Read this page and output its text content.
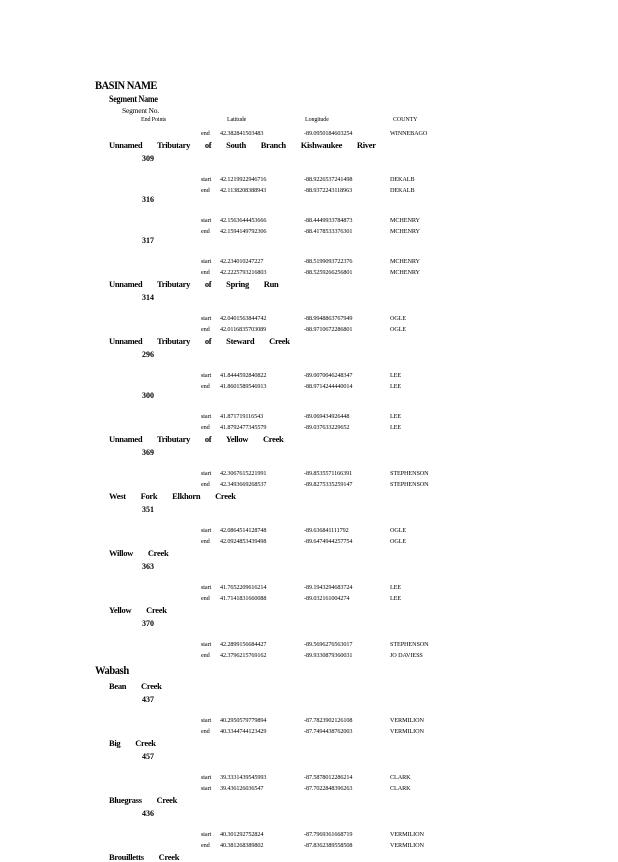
BASIN NAME
Segment Name
Segment No.
End Points	Latitude	Longitude	COUNTY
end 42.382841503483	-89.0950184603254	WINNEBAGO
Unnamed Tributary of South Branch Kishwaukee River
309
start 42.1219922946716	-88.9226537241498	DEKALB
end 42.1138208388943	-88.9372243118963	DEKALB
316
start 42.1563644453666	-88.4449933784873	MCHENRY
end 42.1594149792306	-88.4178533376301	MCHENRY
317
start 42.234010247227	-88.5199093722376	MCHENRY
end 42.2225793216803	-88.5259266256801	MCHENRY
Unnamed Tributary of Spring Run
314
start 42.0401563844742	-88.9948863767949	OGLE
end 42.0116835703089	-88.9710672286801	OGLE
Unnamed Tributary of Steward Creek
296
start 41.8444592840822	-89.0070046248347	LEE
end 41.8601589546913	-88.9714244440014	LEE
300
start 41.871719116543	-89.069434926448	LEE
end 41.8792477345579	-89.037633229652	LEE
Unnamed Tributary of Yellow Creek
369
start 42.3067615221991	-89.8535571166391	STEPHENSON
end 42.3493669268537	-89.8275335259147	STEPHENSON
West Fork Elkhorn Creek
351
start 42.0864514128748	-89.636841111792	OGLE
end 42.0924853439498	-89.6474944257754	OGLE
Willow Creek
363
start 41.7652209616214	-89.1943294683724	LEE
end 41.7141831660088	-89.032161004274	LEE
Yellow Creek
370
start 42.2899156684427	-89.5696276563017	STEPHENSON
end 42.3796215769162	-89.9330879360031	JO DAVIESS
Wabash
Bean Creek
437
start 40.2950579779894	-87.7823902126108	VERMILION
end 40.3344744123429	-87.7494438762003	VERMILION
Big Creek
457
start 39.3331439545993	-87.5878012286214	CLARK
start 39.436126036547	-87.7022848396263	CLARK
Bluegrass Creek
436
start 40.301292752824	-87.7969361668719	VERMILION
end 40.381268389802	-87.8362389558508	VERMILION
Brouilletts Creek
